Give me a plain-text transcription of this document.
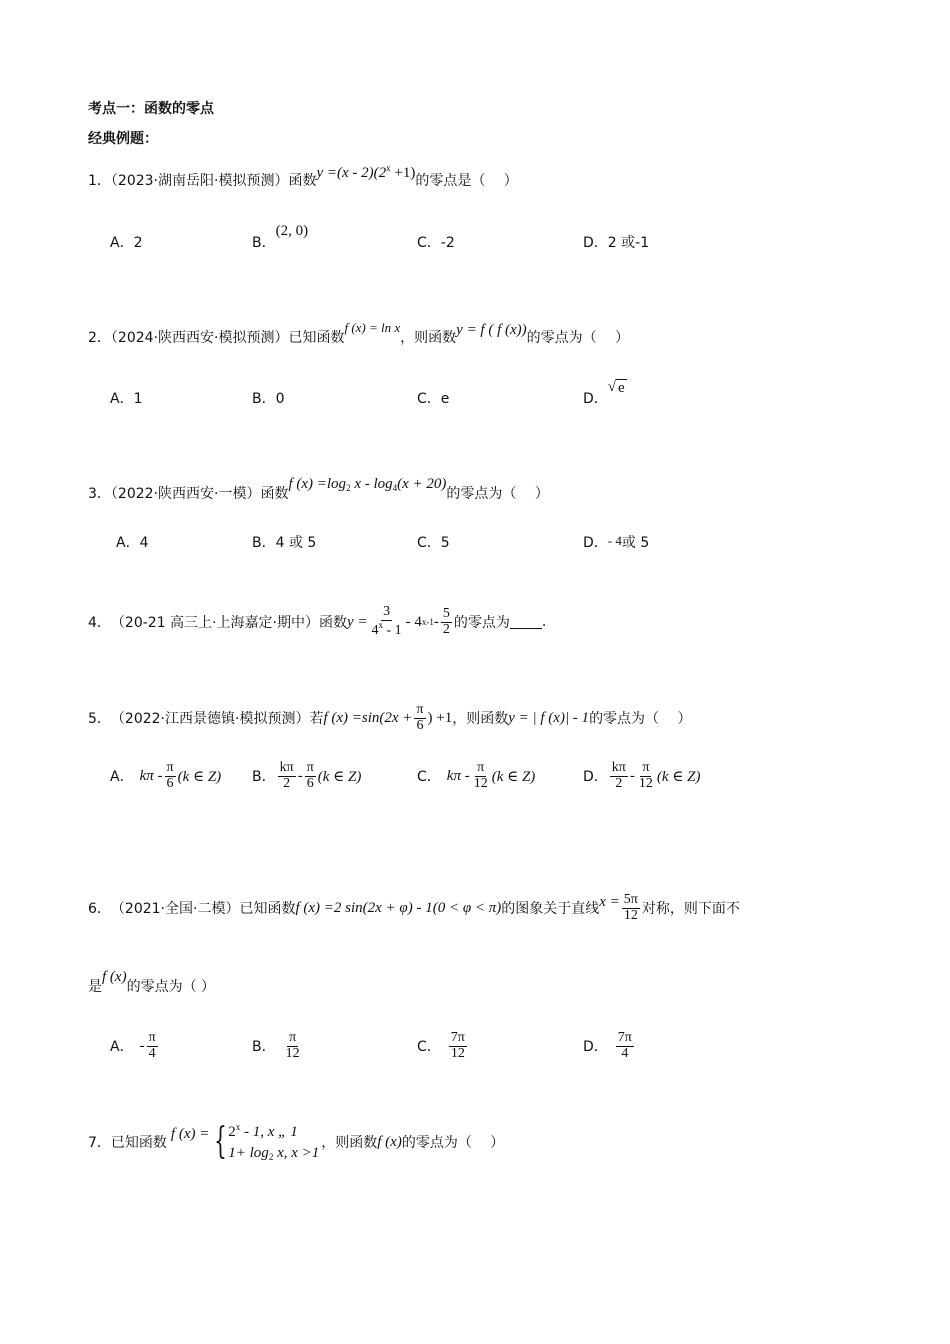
考点一：函数的零点
经典例题：
1．（2023·湖南岳阳·模拟预测）函数$y =(x - 2)(2^x +1)$的零点是（　 ）
A．2	B．(2, 0)
C．-2	D．2 或-1
2．（2024·陕西西安·模拟预测）已知函数f (x) = ln x，则函数y = f ( f (x))的零点为（　 ）
A．1	B．0	C．e	D．√ e
3．（2022·陕西西安·一模）函数f $(x) =\log_2$ $x - \log_4(x + 20)$的零点为（　 ）
A．4	B．4 或 5	C．5	D．- 4或 5
4． （20-21 高三上·上海嘉定·期中）函数 $y = \frac{3}{4^x - 1} - 4$ $x-1 - \frac{5}{2}$ 的零点为 .
5． （2022·江西景德镇·模拟预测）若 f $(x) =\sin(2x + \frac{\pi}{6}$ ) +1 ，则函数 y = | f (x)| - 1 的零点为（　 ）
A． kπ - $\frac{\pi}{6} (k$ ∈ Z) B． $\frac{k\pi}{2} - \frac{\pi}{6} (k$ ∈ Z)	C． kπ - $\frac{\pi}{12} (k$ ∈ Z)	D． $\frac{k\pi}{2} - \frac{\pi}{12} (k$ ∈ Z)
6． （2021·全国·二模）已知函数 f (x) =2 sin(2x + φ) - 1(0 < φ < π) 的图象关于直线 $x = \frac{5\pi}{12}$ 对称，则下面不
是f (x)的零点为（ ）
A． - $\frac{\pi}{4}$	B． $\frac{\pi}{12}$	C． $\frac{7\pi}{12}$	D． $\frac{7\pi}{4}$
7． 已知函数
f (x) = { 2$^x$ - 1, x „ 1
$1+ \log_2 x$, x >1
，则函数 f (x) 的零点为（　 ）
